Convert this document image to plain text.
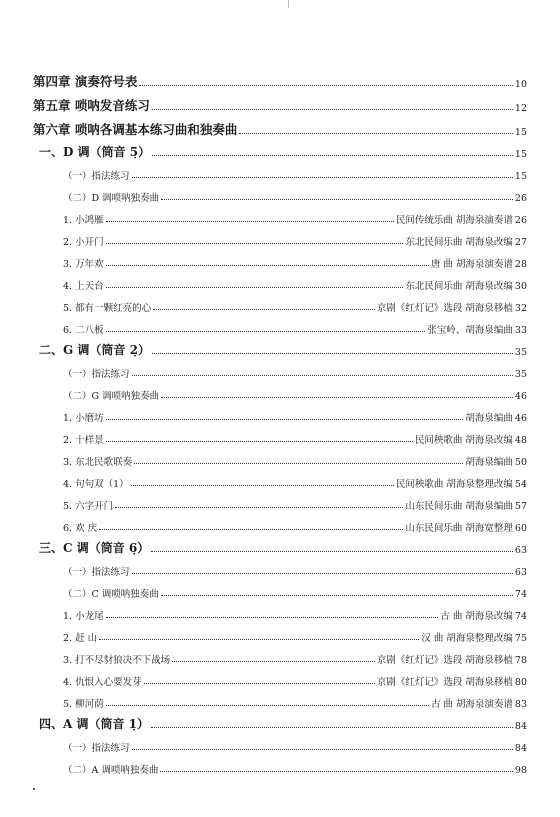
第四章 演奏符号表	10
第五章 唢呐发音练习	12
第六章 唢呐各调基本练习曲和独奏曲	15
一、D 调（筒音 5̣）	15
（一）指法练习	15
（二）D 调唢呐独奏曲	26
1. 小鸿雁	民间传统乐曲 胡海泉演奏谱 26
2. 小开门	东北民间乐曲 胡海泉改编 27
3. 万年欢	唐 曲 胡海泉演奏谱 28
4. 上天台	东北民间乐曲 胡海泉改编 30
5. 都有一颗红亮的心	京剧《红灯记》选段 胡海泉移植 32
6. 二八板	张宝岭、胡海泉编曲 33
二、G 调（筒音 2̣）	35
（一）指法练习	35
（二）G 调唢呐独奏曲	46
1. 小磨坊	胡海泉编曲 46
2. 十样景	民间秧歌曲 胡海泉改编 48
3. 东北民歌联奏	胡海泉编曲 50
4. 句句双（1）	民间秧歌曲 胡海泉整理改编 54
5. 六字开门	山东民间乐曲 胡海泉编曲 57
6. 欢 庆	山东民间乐曲 胡海宽整理 60
三、C 调（筒音 6̣）	63
（一）指法练习	63
（二）C 调唢呐独奏曲	74
1. 小龙尾	古 曲 胡海泉改编 74
2. 赶 山	汉 曲 胡海泉整理改编 75
3. 打不尽豺狼决不下战场	京剧《红灯记》选段 胡海泉移植 78
4. 仇恨入心要发芽	京剧《红灯记》选段 胡海泉移植 80
5. 柳河荫	古 曲 胡海泉演奏谱 83
四、A 调（筒音 1̣）	84
（一）指法练习	84
（二）A 调唢呐独奏曲	98
